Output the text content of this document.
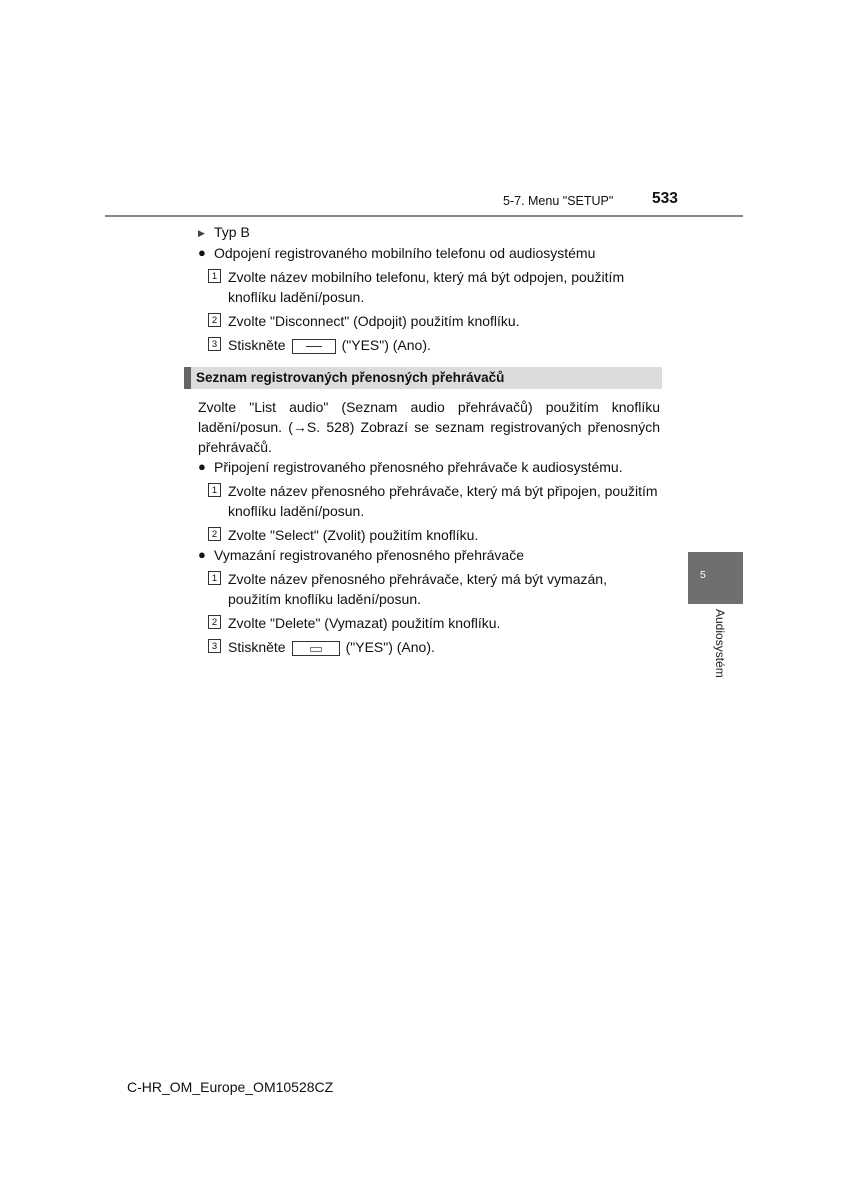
5-7. Menu "SETUP" 533
5
Audiosystém
▶ Typ B
● Odpojení registrovaného mobilního telefonu od audiosystému
1 Zvolte název mobilního telefonu, který má být odpojen, použitím knoflíku ladění/posun.
2 Zvolte "Disconnect" (Odpojit) použitím knoflíku.
3 Stiskněte	("YES") (Ano).
Seznam registrovaných přenosných přehrávačů
Zvolte "List audio" (Seznam audio přehrávačů) použitím knoflíku ladění/posun. (→S. 528) Zobrazí se seznam registrovaných přenosných přehrávačů.
● Připojení registrovaného přenosného přehrávače k audiosystému.
1 Zvolte název přenosného přehrávače, který má být připojen, použitím knoflíku ladění/posun.
2 Zvolte "Select" (Zvolit) použitím knoflíku.
● Vymazání registrovaného přenosného přehrávače
1 Zvolte název přenosného přehrávače, který má být vymazán, použitím knoflíku ladění/posun.
2 Zvolte "Delete" (Vymazat) použitím knoflíku.
3 Stiskněte	("YES") (Ano).
C-HR_OM_Europe_OM10528CZ
